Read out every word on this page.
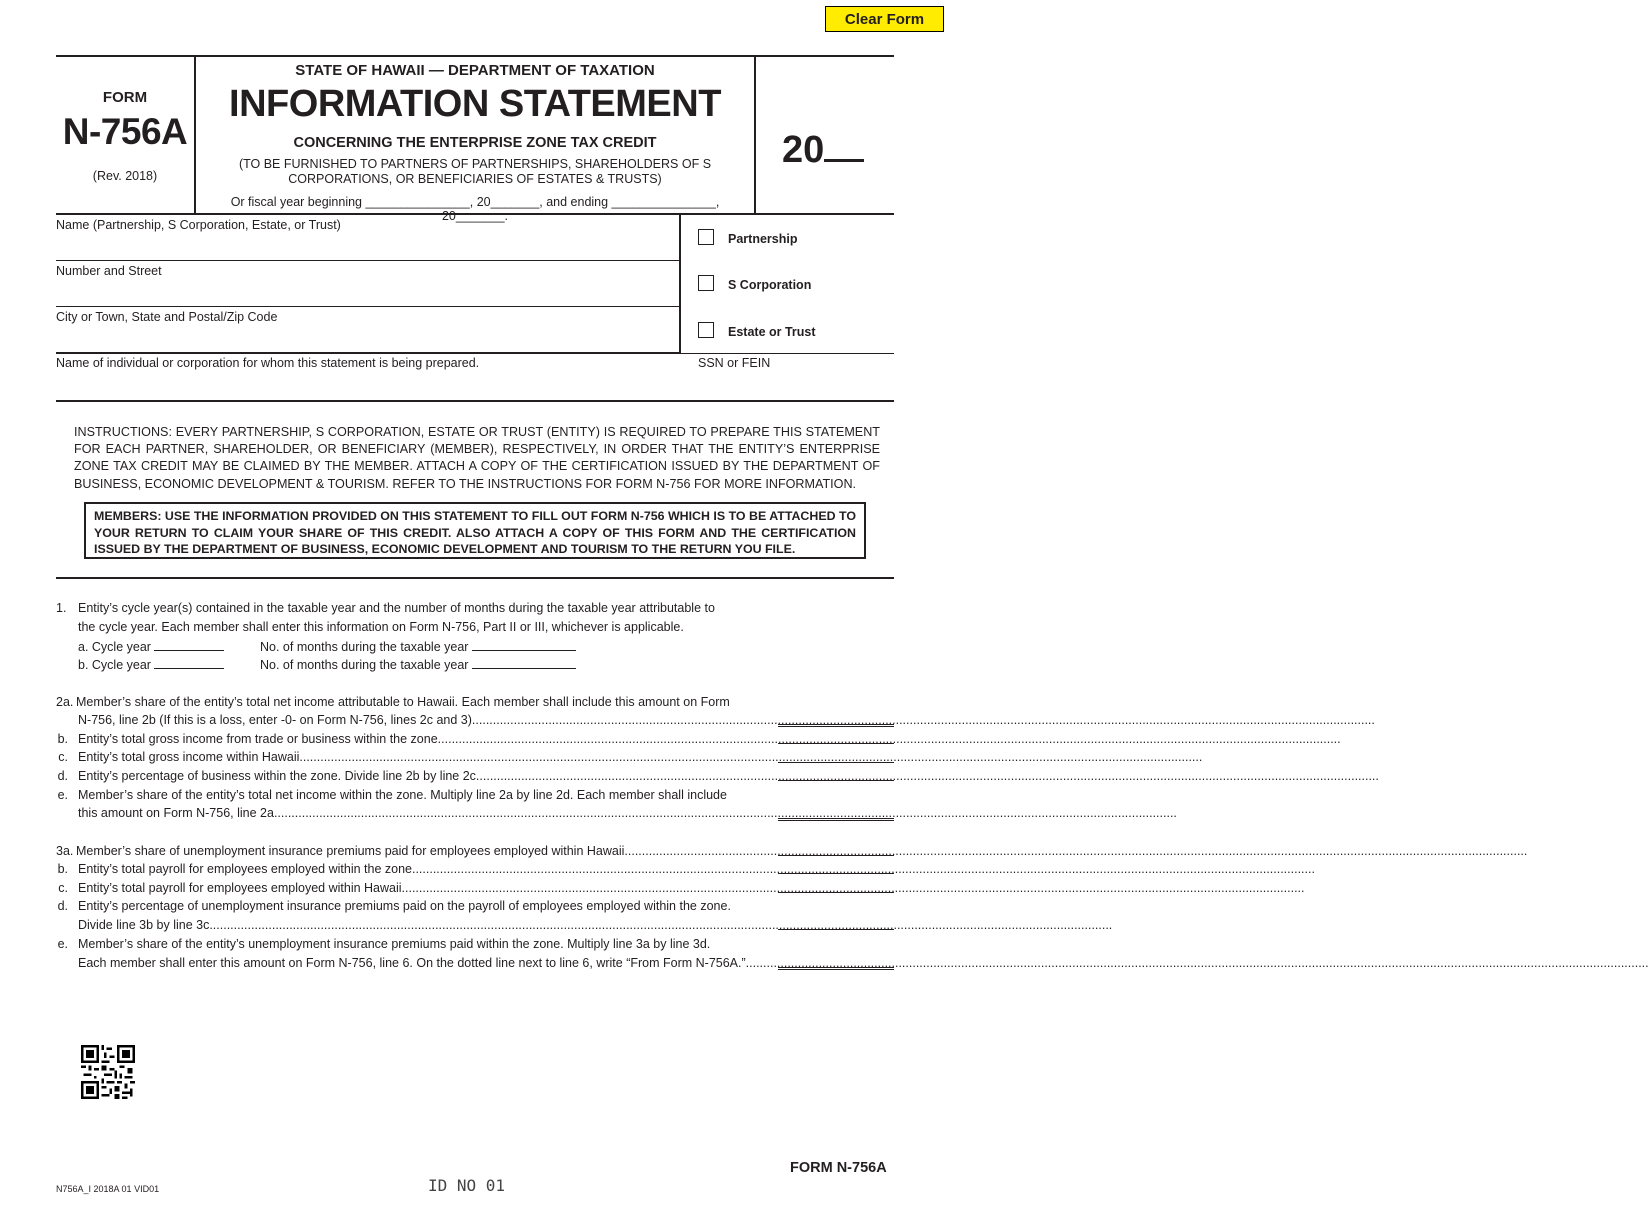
Clear Form
FORM
N-756A
(Rev. 2018)
STATE OF HAWAII — DEPARTMENT OF TAXATION
INFORMATION STATEMENT
CONCERNING THE ENTERPRISE ZONE TAX CREDIT
(TO BE FURNISHED TO PARTNERS OF PARTNERSHIPS, SHAREHOLDERS OF S
CORPORATIONS, OR BENEFICIARIES OF ESTATES & TRUSTS)
Or fiscal year beginning _______________, 20_______, and ending _______________, 20_______.
20
Name (Partnership, S Corporation, Estate, or Trust)
Number and Street
City or Town, State and Postal/Zip Code
Partnership
S Corporation
Estate or Trust
Name of individual or corporation for whom this statement is being prepared.	SSN or FEIN
INSTRUCTIONS: EVERY PARTNERSHIP, S CORPORATION, ESTATE OR TRUST (ENTITY) IS REQUIRED TO PREPARE THIS STATEMENT FOR EACH PARTNER, SHAREHOLDER, OR BENEFICIARY (MEMBER), RESPECTIVELY, IN ORDER THAT THE ENTITY’S ENTERPRISE ZONE TAX CREDIT MAY BE CLAIMED BY THE MEMBER. ATTACH A COPY OF THE CERTIFICATION ISSUED BY THE DEPARTMENT OF BUSINESS, ECONOMIC DEVELOPMENT & TOURISM. REFER TO THE INSTRUCTIONS FOR FORM N-756 FOR MORE INFORMATION.
MEMBERS: USE THE INFORMATION PROVIDED ON THIS STATEMENT TO FILL OUT FORM N-756 WHICH IS TO BE ATTACHED TO YOUR RETURN TO CLAIM YOUR SHARE OF THIS CREDIT. ALSO ATTACH A COPY OF THIS FORM AND THE CERTIFICATION ISSUED BY THE DEPARTMENT OF BUSINESS, ECONOMIC DEVELOPMENT AND TOURISM TO THE RETURN YOU FILE.
1. Entity’s cycle year(s) contained in the taxable year and the number of months during the taxable year attributable to
the cycle year. Each member shall enter this information on Form N-756, Part II or III, whichever is applicable.
a. Cycle year	No. of months during the taxable year
b. Cycle year	No. of months during the taxable year
2a. Member’s share of the entity’s total net income attributable to Hawaii. Each member shall include this amount on Form
N-756, line 2b (If this is a loss, enter -0- on Form N-756, lines 2c and 3)....................................................................................................................................................................................................................................................................
b. Entity’s total gross income from trade or business within the zone....................................................................................................................................................................................................................................................................
c. Entity’s total gross income within Hawaii....................................................................................................................................................................................................................................................................
d. Entity’s percentage of business within the zone. Divide line 2b by line 2c....................................................................................................................................................................................................................................................................
e. Member’s share of the entity’s total net income within the zone. Multiply line 2a by line 2d. Each member shall include
this amount on Form N-756, line 2a....................................................................................................................................................................................................................................................................
3a. Member’s share of unemployment insurance premiums paid for employees employed within Hawaii....................................................................................................................................................................................................................................................................
b. Entity’s total payroll for employees employed within the zone....................................................................................................................................................................................................................................................................
c. Entity’s total payroll for employees employed within Hawaii....................................................................................................................................................................................................................................................................
d. Entity’s percentage of unemployment insurance premiums paid on the payroll of employees employed within the zone.
Divide line 3b by line 3c....................................................................................................................................................................................................................................................................
e. Member’s share of the entity’s unemployment insurance premiums paid within the zone. Multiply line 3a by line 3d.
Each member shall enter this amount on Form N-756, line 6. On the dotted line next to line 6, write “From Form N-756A.”....................................................................................................................................................................................................................................................................
N756A_I 2018A 01 VID01	ID NO 01
FORM N-756A
